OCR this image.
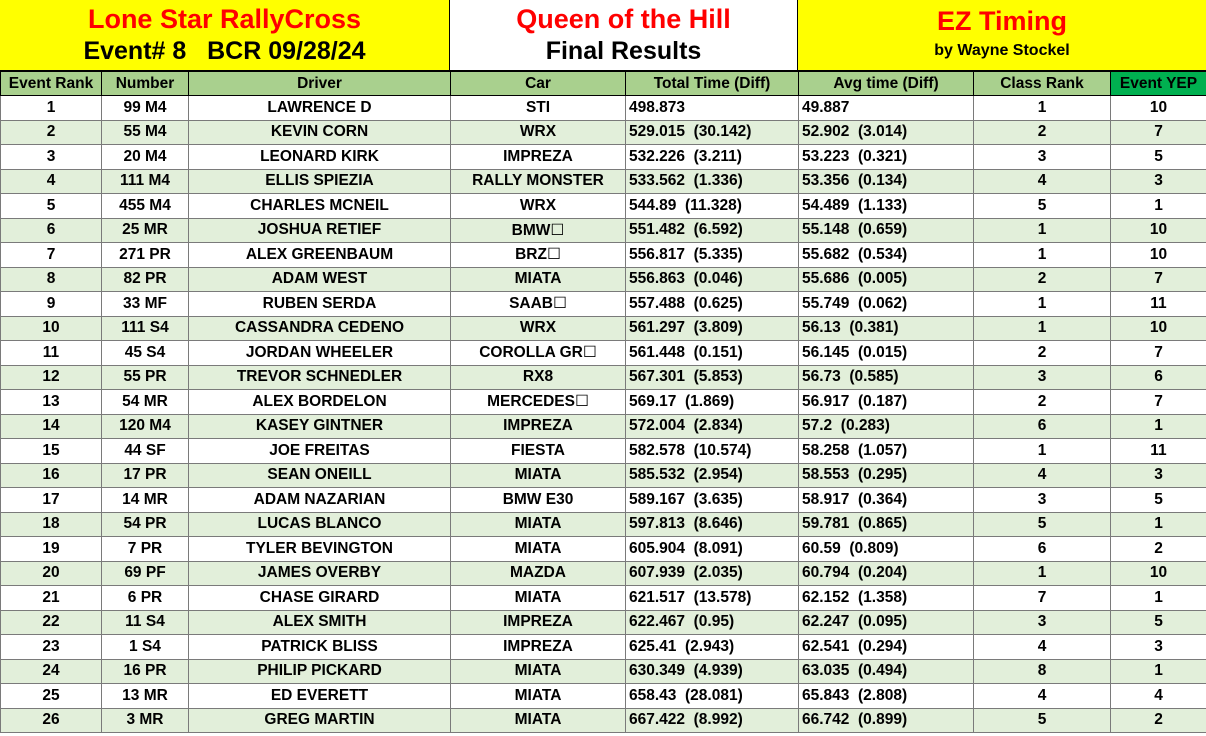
Lone Star RallyCross
Event# 8   BCR 09/28/24
Queen of the Hill
Final Results
EZ Timing
by Wayne Stockel
Event Rank	Number	Driver	Car	Total Time (Diff)	Avg time (Diff)	Class Rank	Event YEP
1	99 M4	LAWRENCE D	STI	498.873	49.887	1	10
2	55 M4	KEVIN CORN	WRX	529.015  (30.142)	52.902  (3.014)	2	7
3	20 M4	LEONARD KIRK	IMPREZA	532.226  (3.211)	53.223  (0.321)	3	5
4	111 M4	ELLIS SPIEZIA	RALLY MONSTER	533.562  (1.336)	53.356  (0.134)	4	3
5	455 M4	CHARLES MCNEIL	WRX	544.89  (11.328)	54.489  (1.133)	5	1
6	25 MR	JOSHUA RETIEF	BMW☐	551.482  (6.592)	55.148  (0.659)	1	10
7	271 PR	ALEX GREENBAUM	BRZ☐	556.817  (5.335)	55.682  (0.534)	1	10
8	82 PR	ADAM WEST	MIATA	556.863  (0.046)	55.686  (0.005)	2	7
9	33 MF	RUBEN SERDA	SAAB☐	557.488  (0.625)	55.749  (0.062)	1	11
10	111 S4	CASSANDRA CEDENO	WRX	561.297  (3.809)	56.13  (0.381)	1	10
11	45 S4	JORDAN WHEELER	COROLLA GR☐	561.448  (0.151)	56.145  (0.015)	2	7
12	55 PR	TREVOR SCHNEDLER	RX8	567.301  (5.853)	56.73  (0.585)	3	6
13	54 MR	ALEX BORDELON	MERCEDES☐	569.17  (1.869)	56.917  (0.187)	2	7
14	120 M4	KASEY GINTNER	IMPREZA	572.004  (2.834)	57.2  (0.283)	6	1
15	44 SF	JOE FREITAS	FIESTA	582.578  (10.574)	58.258  (1.057)	1	11
16	17 PR	SEAN ONEILL	MIATA	585.532  (2.954)	58.553  (0.295)	4	3
17	14 MR	ADAM NAZARIAN	BMW E30	589.167  (3.635)	58.917  (0.364)	3	5
18	54 PR	LUCAS BLANCO	MIATA	597.813  (8.646)	59.781  (0.865)	5	1
19	7 PR	TYLER BEVINGTON	MIATA	605.904  (8.091)	60.59  (0.809)	6	2
20	69 PF	JAMES OVERBY	MAZDA	607.939  (2.035)	60.794  (0.204)	1	10
21	6 PR	CHASE GIRARD	MIATA	621.517  (13.578)	62.152  (1.358)	7	1
22	11 S4	ALEX SMITH	IMPREZA	622.467  (0.95)	62.247  (0.095)	3	5
23	1 S4	PATRICK BLISS	IMPREZA	625.41  (2.943)	62.541  (0.294)	4	3
24	16 PR	PHILIP PICKARD	MIATA	630.349  (4.939)	63.035  (0.494)	8	1
25	13 MR	ED EVERETT	MIATA	658.43  (28.081)	65.843  (2.808)	4	4
26	3 MR	GREG MARTIN	MIATA	667.422  (8.992)	66.742  (0.899)	5	2
